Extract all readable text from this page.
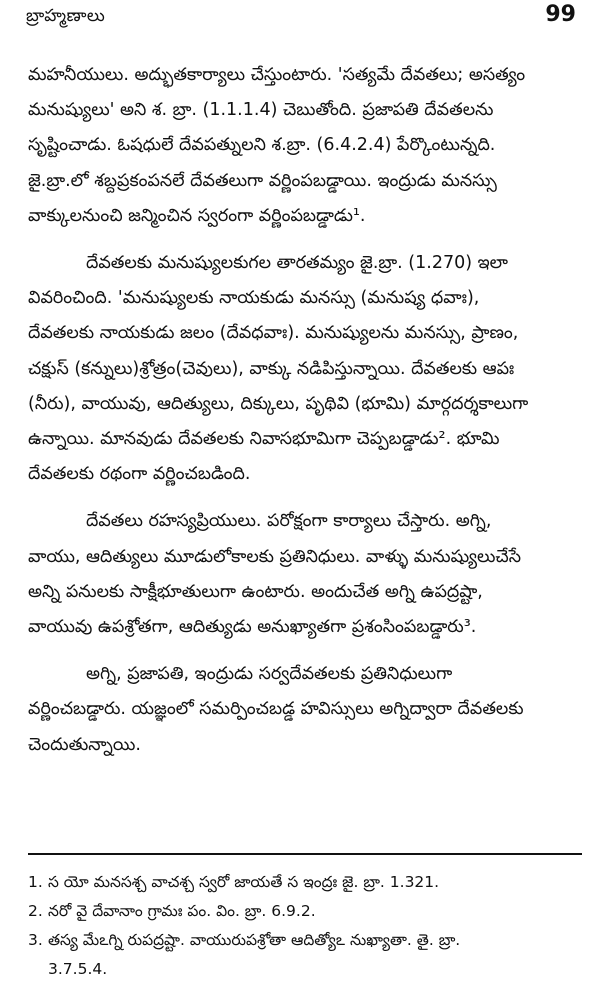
బ్రాహ్మణాలు	99

మహనీయులు. అద్భుతకార్యాలు చేస్తుంటారు. 'సత్యమే దేవతలు; అసత్యం
మనుష్యులు' అని శ. బ్రా. (1.1.1.4) చెబుతోంది. ప్రజాపతి దేవతలను
సృష్టించాడు. ఓషధులే దేవపత్నులని శ.బ్రా. (6.4.2.4) పేర్కొంటున్నది.
జై.బ్రా.లో శబ్దప్రకంపనలే దేవతలుగా వర్ణింపబడ్డాయి. ఇంద్రుడు మనస్సు
వాక్కులనుంచి జన్మించిన స్వరంగా వర్ణింపబడ్డాడు¹.

దేవతలకు మనుష్యులకుగల తారతమ్యం జై.బ్రా. (1.270) ఇలా
వివరించింది. 'మనుష్యులకు నాయకుడు మనస్సు (మనుష్య ధవాః),
దేవతలకు నాయకుడు జలం (దేవధవాః). మనుష్యులను మనస్సు, ప్రాణం,
చక్షుస్ (కన్నులు)శ్రోత్రం(చెవులు), వాక్కు నడిపిస్తున్నాయి. దేవతలకు ఆపః
(నీరు), వాయువు, ఆదిత్యులు, దిక్కులు, పృథివి (భూమి) మార్గదర్శకాలుగా
ఉన్నాయి. మానవుడు దేవతలకు నివాసభూమిగా చెప్పబడ్డాడు². భూమి
దేవతలకు రథంగా వర్ణించబడింది.

దేవతలు రహస్యప్రియులు. పరోక్షంగా కార్యాలు చేస్తారు. అగ్ని,
వాయు, ఆదిత్యులు మూడులోకాలకు ప్రతినిధులు. వాళ్ళు మనుష్యులుచేసే
అన్ని పనులకు సాక్షీభూతులుగా ఉంటారు. అందుచేత అగ్ని ఉపద్రష్టా,
వాయువు ఉపశ్రోతగా, ఆదిత్యుడు అనుఖ్యాతగా ప్రశంసింపబడ్డారు³.

అగ్ని, ప్రజాపతి, ఇంద్రుడు సర్వదేవతలకు ప్రతినిధులుగా
వర్ణించబడ్డారు. యజ్ఞంలో సమర్పించబడ్డ హవిస్సులు అగ్నిద్వారా దేవతలకు
చెందుతున్నాయి.

1. స యో మనసశ్చ వాచశ్చ స్వరో జాయతే స ఇంద్రః జై. బ్రా. 1.321.
2. నరో వై దేవానాం గ్రామః పం. విం. బ్రా. 6.9.2.
3. తస్య మేఽగ్ని రుపద్రష్టా. వాయురుపశ్రోతా ఆదిత్యోఽ నుఖ్యాతా. తై. బ్రా.
3.7.5.4.
